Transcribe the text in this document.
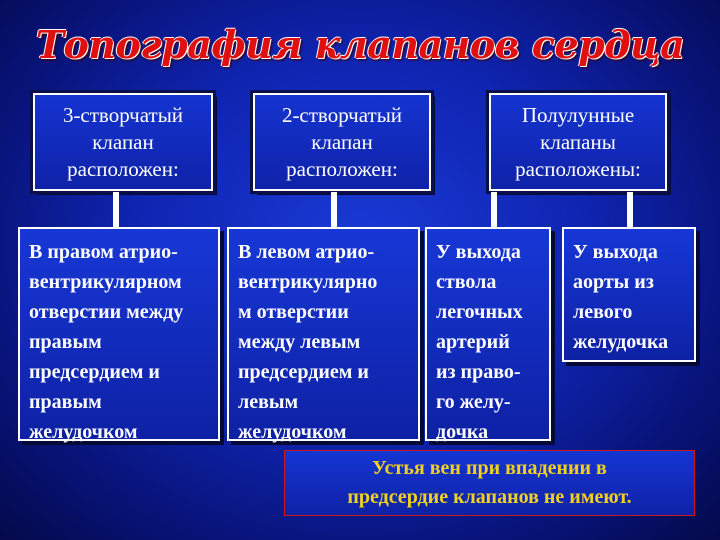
Топография клапанов сердца
3-створчатый
клапан
расположен:
2-створчатый
клапан
расположен:
Полулунные
клапаны
расположены:
В правом атрио-
вентрикулярном
отверстии между
правым
предсердием и
правым
желудочком
В левом атрио-
вентрикулярно
м отверстии
между левым
предсердием и
левым
желудочком
У выхода
ствола
легочных
артерий
из право-
го желу-
дочка
У выхода
аорты из
левого
желудочка
Устья вен при впадении в
предсердие клапанов не имеют.
